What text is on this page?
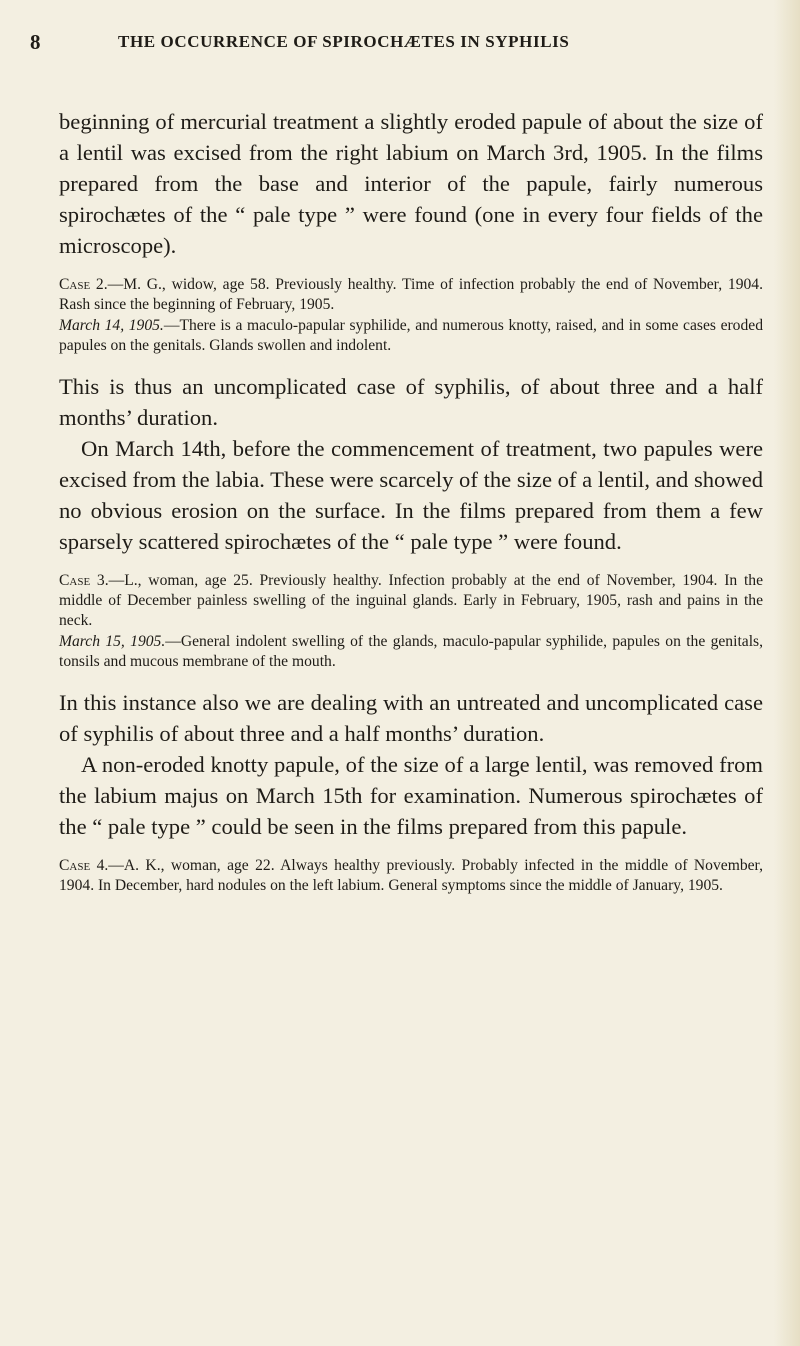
8	THE OCCURRENCE OF SPIROCHÆTES IN SYPHILIS

beginning of mercurial treatment a slightly eroded papule of about the size of a lentil was excised from the right labium on March 3rd, 1905. In the films prepared from the base and interior of the papule, fairly numerous spirochætes of the “ pale type ” were found (one in every four fields of the microscope).

Case 2.—M. G., widow, age 58. Previously healthy. Time of infection probably the end of November, 1904. Rash since the beginning of February, 1905.

March 14, 1905.—There is a maculo-papular syphilide, and numerous knotty, raised, and in some cases eroded papules on the genitals. Glands swollen and indolent.

This is thus an uncomplicated case of syphilis, of about three and a half months’ duration.

On March 14th, before the commencement of treatment, two papules were excised from the labia. These were scarcely of the size of a lentil, and showed no obvious erosion on the surface. In the films prepared from them a few sparsely scattered spirochætes of the “ pale type ” were found.

Case 3.—L., woman, age 25. Previously healthy. Infection probably at the end of November, 1904. In the middle of December painless swelling of the inguinal glands. Early in February, 1905, rash and pains in the neck.

March 15, 1905.—General indolent swelling of the glands, maculo-papular syphilide, papules on the genitals, tonsils and mucous membrane of the mouth.

In this instance also we are dealing with an untreated and uncomplicated case of syphilis of about three and a half months’ duration.

A non-eroded knotty papule, of the size of a large lentil, was removed from the labium majus on March 15th for examination. Numerous spirochætes of the “ pale type ” could be seen in the films prepared from this papule.

Case 4.—A. K., woman, age 22. Always healthy previously. Probably infected in the middle of November, 1904. In December, hard nodules on the left labium. General symptoms since the middle of January, 1905.
